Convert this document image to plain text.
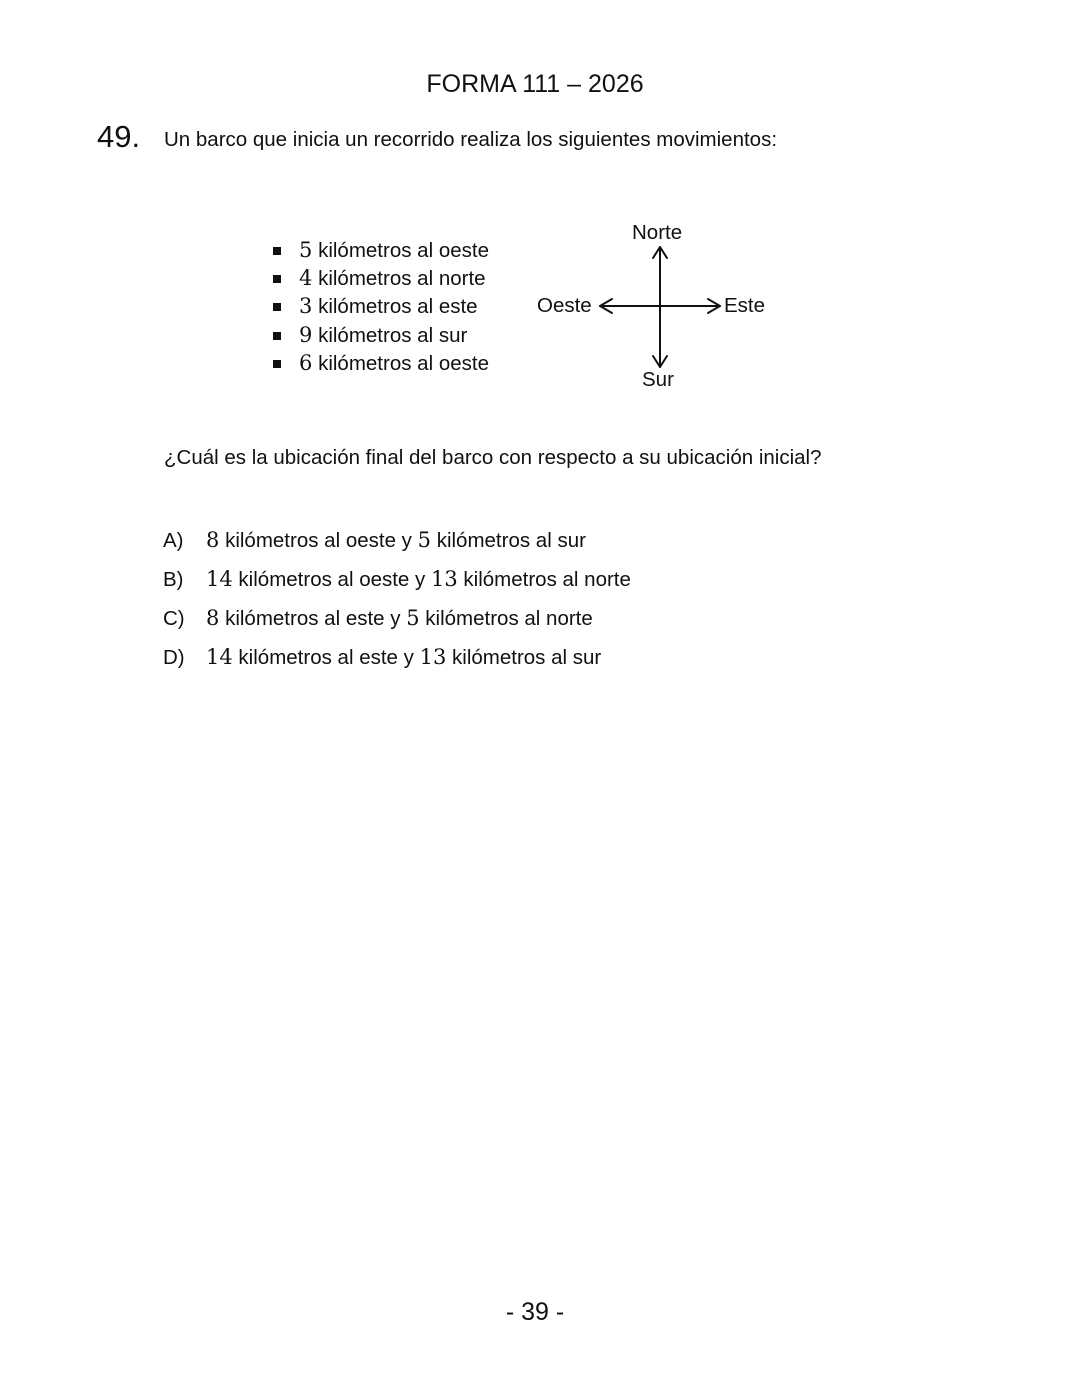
FORMA 111 – 2026
49. Un barco que inicia un recorrido realiza los siguientes movimientos:
5 kilómetros al oeste
4 kilómetros al norte
3 kilómetros al este
9 kilómetros al sur
6 kilómetros al oeste
Norte
Sur
Oeste	Este
¿Cuál es la ubicación final del barco con respecto a su ubicación inicial?
A) 8 kilómetros al oeste y 5 kilómetros al sur
B) 14 kilómetros al oeste y 13 kilómetros al norte
C) 8 kilómetros al este y 5 kilómetros al norte
D) 14 kilómetros al este y 13 kilómetros al sur
- 39 -
